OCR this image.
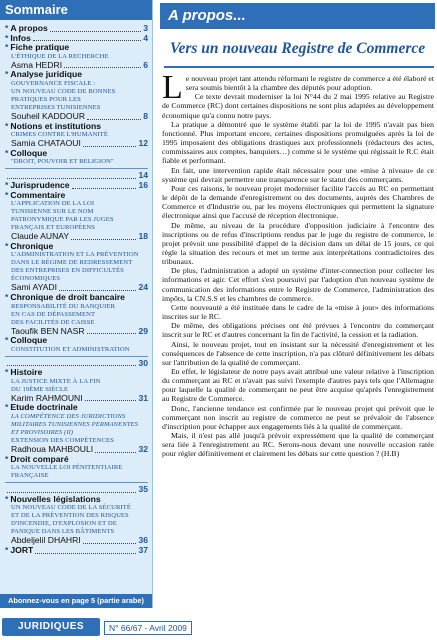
Sommaire
* A propos	3
* Infos	4
* Fiche pratique
L'ÉTHIQUE DE LA RECHERCHE
Asma HEDRI	6
* Analyse juridique
GOUVERNANCE FISCALE :
UN NOUVEAU CODE DE BONNES
PRATIQUES POUR LES
ENTREPRISES TUNISIENNES
Souheil KADDOUR	8
* Notions et institutions
CRIMES CONTRE L'HUMANITÉ
Samia CHATAOUI	12
* Colloque
"DROIT, POUVOIR ET RELIGION"
14
* Jurisprudence	16
* Commentaire
L'APPLICATION DE LA LOI
TUNISIENNE SUR LE NOM
PATRONYMIQUE PAR LES JUGES
FRANÇAIS ET EUROPÉENS
Claude AUNAY	18
* Chronique
L'ADMINISTRATION ET LA PRÉVENTION
DANS LE RÉGIME DE REDRESSEMENT
DES ENTREPRISES EN DIFFICULTÉS
ÉCONOMIQUES
Sami AYADI	24
* Chronique de droit bancaire
RESPONSABILITÉ DU BANQUIER
EN CAS DE DÉPASSEMENT
DES FACILITÉS DE CAISSE
Taoufik BEN NASR	29
* Colloque
CONSTITUTION ET ADMINISTRATION
30
* Histoire
LA JUSTICE MIXTE À LA FIN
DU 19ÈME SIÈCLE
Karim RAHMOUNI	31
* Etude doctrinale
LA COMPÉTENCE DES JURIDICTIONS
MILITAIRES TUNISIENNES PERMANENTES
ET PROVISOIRES (II)
EXTENSION DES COMPÉTENCES
Radhoua MAHBOULI	32
* Droit comparé
LA NOUVELLE LOI PÉNITENTIAIRE
FRANÇAISE
35
* Nouvelles législations
UN NOUVEAU CODE DE LA SÉCURITÉ
ET DE LA PRÉVENTION DES RISQUES
D'INCENDIE, D'EXPLOSION ET DE
PANIQUE DANS LES BÂTIMENTS
Abdeljelil DHAHRI	36
* JORT	37
Abonnez-vous en page 5 (partie arabe)
A propos...
Vers un nouveau Registre de Commerce
L e nouveau projet tant attendu réformant le registre de commerce a été élaboré et sera soumis bientôt à la chambre des députés pour adoption.

Ce texte devrait moderniser la loi N°44 du 2 mai 1995 relative au Registre de Commerce (RC) dont certaines dispositions ne sont plus adaptées au développement économique qu'a connu notre pays.

La pratique a démontré que le système établi par la loi de 1995 n'avait pas bien fonctionné. Plus important encore, certaines dispositions promulguées après la loi de 1995 imposaient des obligations drastiques aux professionnels (rédacteurs des actes, commissaires aux comptes, banquiers…) comme si le système qui régissait le R.C était fiable et performant.

En fait, une intervention rapide était nécessaire pour une «mise à niveau» de ce système qui devrait permettre une transparence sur le statut des commerçants.

Pour ces raisons, le nouveau projet moderniser facilite l'accès au RC en permettant le dépôt de la demande d'enregistrement ou des documents, auprès des Chambres de Commerce et d'Industrie ou, par les moyens électroniques qui permettent la signature électronique ainsi que l'accusé de réception électronique.

De même, au niveau de la procédure d'opposition judiciaire à l'encontre des inscriptions ou de refus d'inscriptions rendus par le juge du registre de commerce, le projet prévoit une possibilité d'appel de la décision dans un délai de 15 jours, ce qui règle la situation des recours et met un terme aux interprétations contradictoires des tribunaux.

De plus, l'administration a adopté un système d'inter-connection pour collecter les informations et agir. Cet effort s'est poursuivi par l'adoption d'un nouveau système de communication des informations entre le Registre de Commerce, l'administration des impôts, la CN.S.S et les chambres de commerce.

Cette nouveauté a été instituée dans le cadre de la «mise à jour» des informations inscrites sur le RC.

De même, des obligations précises ont été prévues à l'encontre du commerçant inscrit sur le RC et d'autres concernant la fin de l'activité, la cession et la radiation.

Ainsi, le nouveau projet, tout en insistant sur la nécessité d'enregistrement et les conséquences de l'absence de cette inscription, n'a pas clôturé définitivement les débats sur l'attribution de la qualité de commerçant.

En effet, le législateur de notre pays avait attribué une valeur relative à l'inscription du commerçant au RC et n'avait pas suivi l'exemple d'autres pays tels que l'Allemagne pour laquelle la qualité de commerçant ne peut être acquise qu'après l'enregistrement au Registre de Commerce.

Donc, l'ancienne tendance est confirmée par le nouveau projet qui prévoit que le commerçant non inscrit au registre de commerce ne peut se prévaloir de l'absence d'inscription pour échapper aux engagements liés à la qualité de commerçant.

Mais, il n'est pas allé jusqu'à prévoir expressément que la qualité de commerçant sera liée à l'enregistrement au RC. Serons-nous devant une nouvelle occasion ratée pour régler définitivement et clairement les débats sur cette question ? (H.B)

JURIDIQUES	N° 66/67 - Avril 2009
